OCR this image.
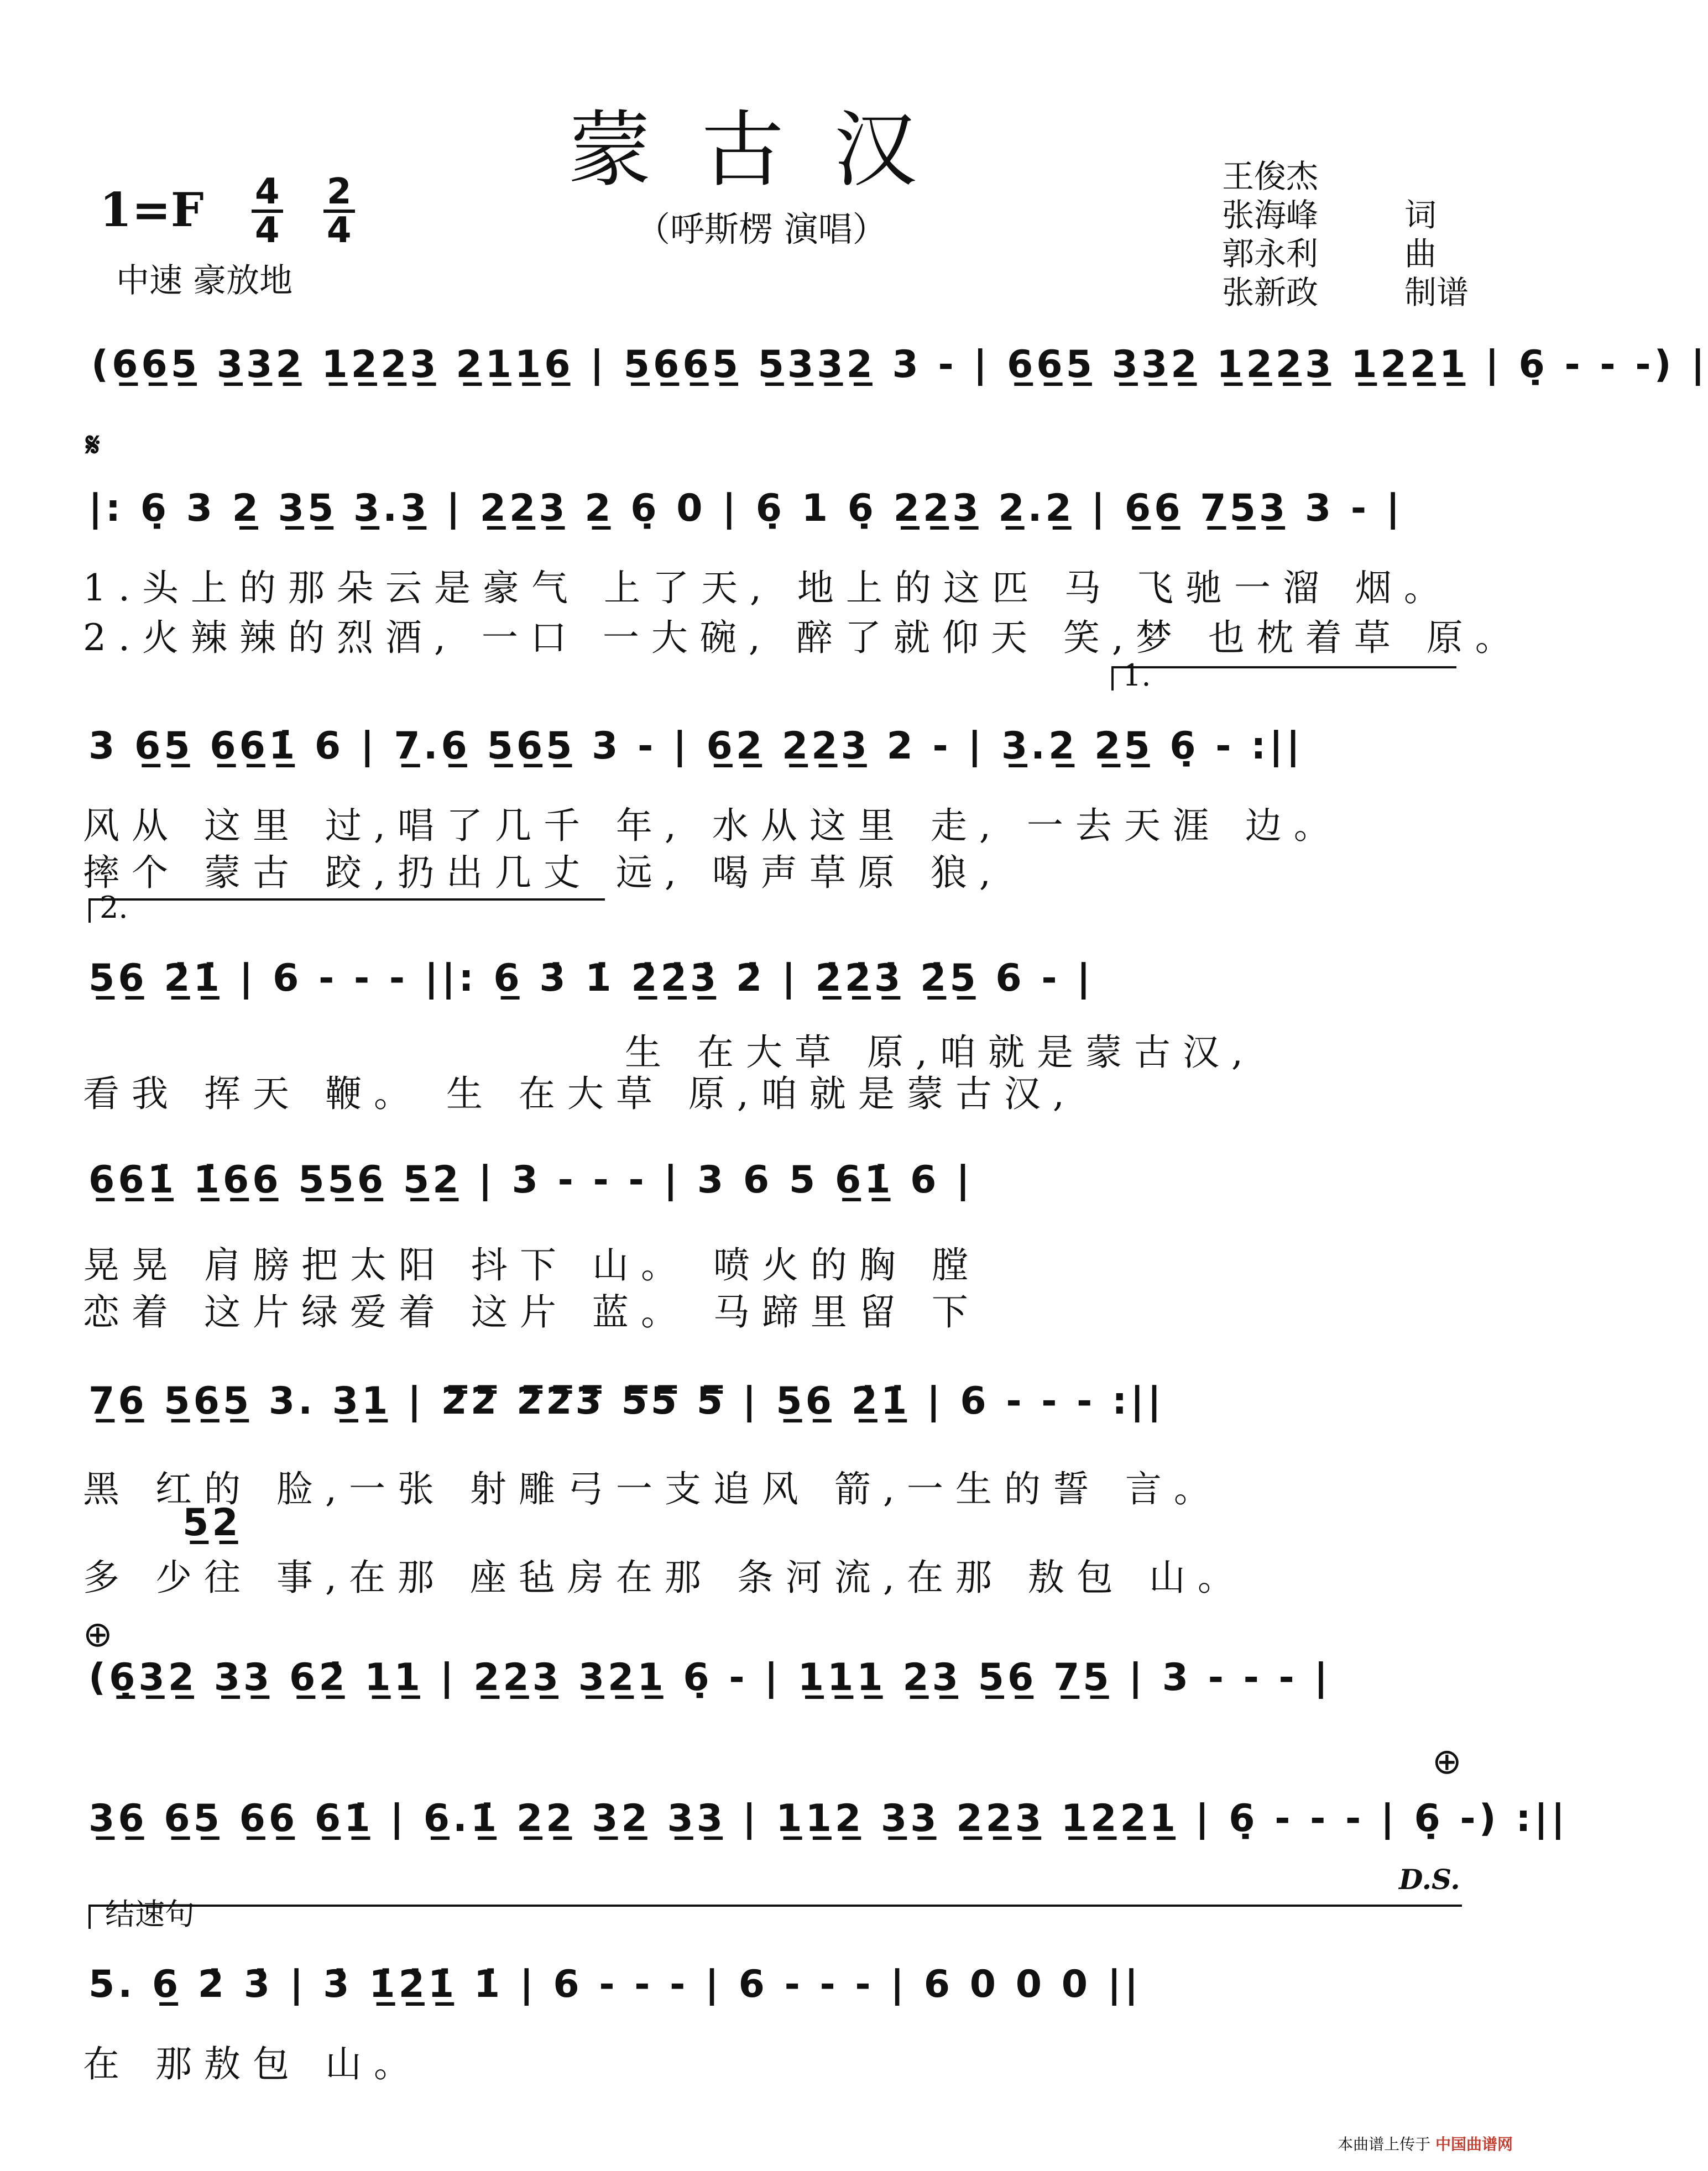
蒙古汉
$1=F \frac{4}{4} \frac{2}{4}$
中速 豪放地
（呼斯楞 演唱）
王俊杰
张海峰	词
郭永利	曲
张新政	制谱
(6̲6̲5̲ 3̲3̲2̲ 1̲2̲2̲3̲ 2̲1̲1̲6̲ | 5̲6̲6̲5̲ 5̲3̲3̲2̲ 3 - | 6̲6̲5̲ 3̲3̲2̲ 1̲2̲2̲3̲ 1̲2̲2̲1̲ | 6̣ - - -) |
𝄋
|: 6̣ 3 2̲ 3̲5̲ 3̲.3̲ | 2̲2̲3̲ 2̲ 6̣ 0 | 6̣ 1 6̣ 2̲2̲3̲ 2̲.2̲ | 6̲6̲ 7̲5̲3̲ 3 - |
1.头上的那朵云是豪气 上了天, 地上的这匹 马 飞驰一溜 烟。
2.火辣辣的烈酒, 一口 一大碗, 醉了就仰天 笑,梦 也枕着草 原。
1.
3 6̲5̲ 6̲6̲1̲̇ 6 | 7̲.6̲ 5̲6̲5̲ 3 - | 6̲2̲ 2̲2̲3̲ 2 - | 3̲.2̲ 2̲5̲ 6̣ - :||
风从 这里 过,唱了几千 年, 水从这里 走, 一去天涯 边。
摔个 蒙古 跤,扔出几丈 远, 喝声草原 狼,
2.
5̲6̲ 2̲̇1̲̇ | 6 - - - ||: 6̲ 3̇ 1̇ 2̲̇2̲̇3̲̇ 2̇ | 2̲̇2̲̇3̲̇ 2̲̇5̲ 6 - |
生 在大草 原,咱就是蒙古汉,
看我 挥天 鞭。 生 在大草 原,咱就是蒙古汉,
6̲6̲1̲̇ 1̲̇6̲6̲ 5̲5̲6̲ 5̲2̲ | 3 - - - | 3 6 5 6̲1̲̇ 6 |
晃晃 肩膀把太阳 抖下 山。 喷火的胸 膛
恋着 这片绿爱着 这片 蓝。 马蹄里留 下
7̲6̲ 5̲6̲5̲ 3. 3̲1̲ | 2̿2̿ 2̿2̿3̿ 5̿5̿ 5̿ | 5̲6̲ 2̲̇1̲̇ | 6 - - - :||
黑 红的 脸,一张 射雕弓一支追风 箭,一生的誓 言。
5̲2̲
多 少往 事,在那 座毡房在那 条河流,在那 敖包 山。
⊕
(6̲̣3̲2̲ 3̲3̲ 6̲2̲̇ 1̲1̲ | 2̲2̲3̲ 3̲2̲1̲ 6̣ - | 1̲1̲1̲ 2̲3̲ 5̲6̲ 7̲5̲ | 3 - - - |
⊕
3̲6̲ 6̲5̲ 6̲6̲ 6̲1̲̇ | 6̲.1̲̇ 2̲2̲ 3̲2̲ 3̲3̲ | 1̲1̲2̲ 3̲3̲ 2̲2̲3̲ 1̲2̲2̲1̲ | 6̣ - - - | 6̣ -) :||
D.S.
结速句
5. 6̲ 2̇ 3̇ | 3̇ 1̲̇2̲̇1̲̇ 1̇ | 6 - - - | 6 - - - | 6 0 0 0 ||
在 那敖包 山。
本曲谱上传于 中国曲谱网
